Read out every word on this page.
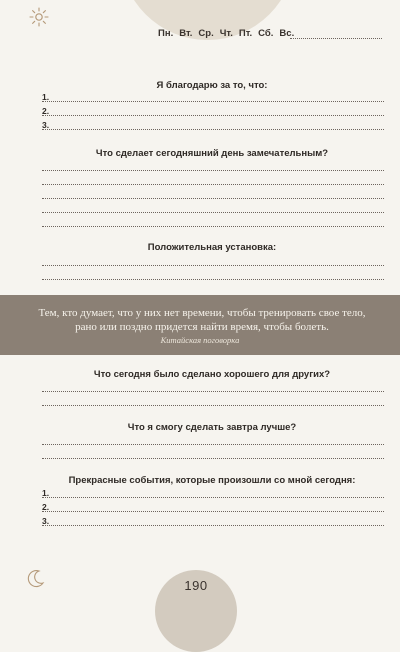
Пн. Вт. Ср. Чт. Пт. Сб. Вс.
Я благодарю за то, что:
1.
2.
3.
Что сделает сегодняшний день замечательным?
Положительная установка:
Тем, кто думает, что у них нет времени, чтобы тренировать свое тело, рано или поздно придется найти время, чтобы болеть.
Китайская поговорка
Что сегодня было сделано хорошего для других?
Что я смогу сделать завтра лучше?
Прекрасные события, которые произошли со мной сегодня:
1.
2.
3.
190
